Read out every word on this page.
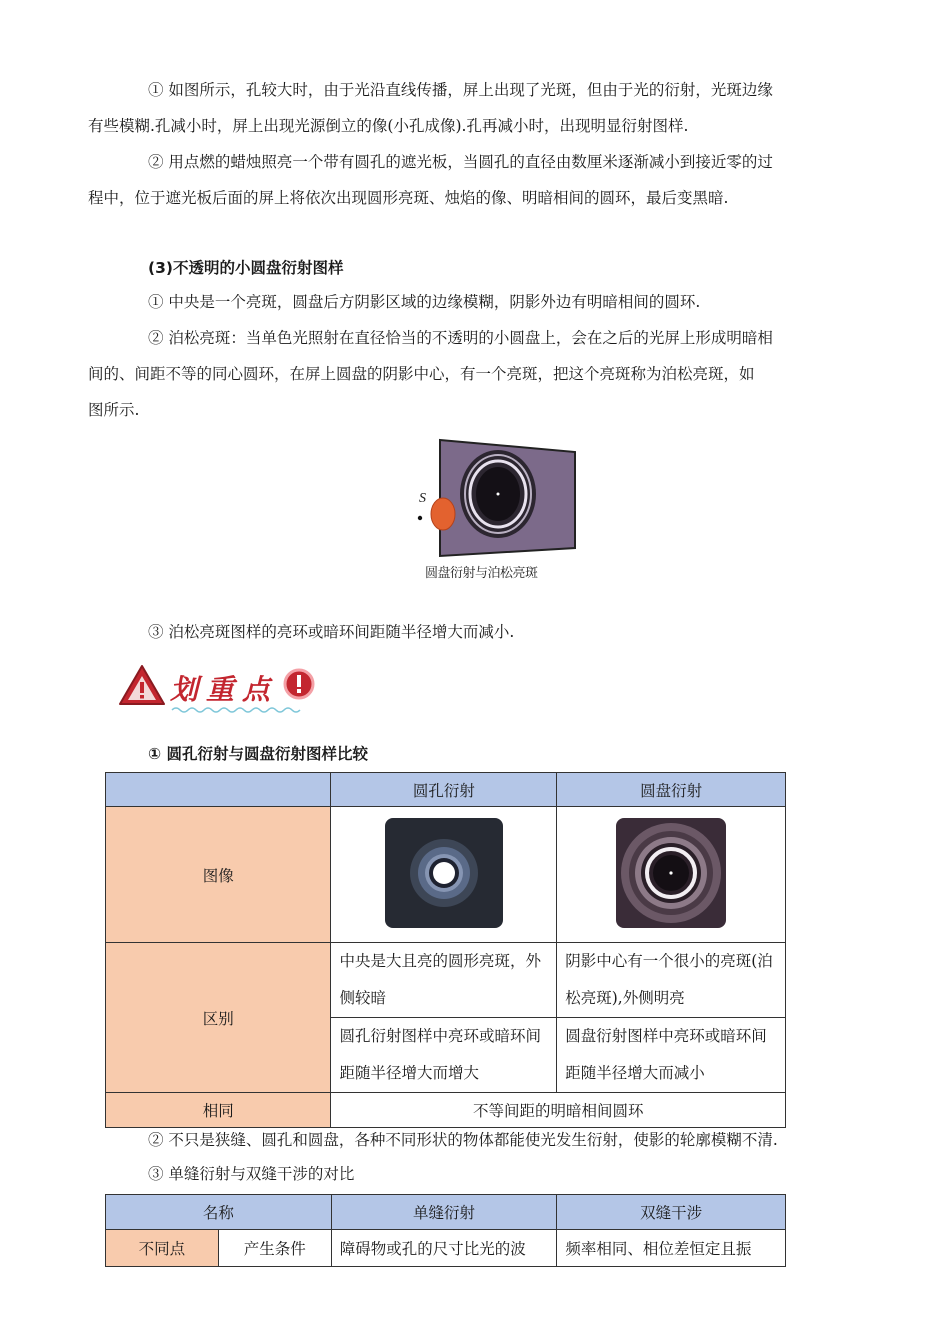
① 如图所示，孔较大时，由于光沿直线传播，屏上出现了光斑，但由于光的衍射，光斑边缘
有些模糊.孔减小时，屏上出现光源倒立的像(小孔成像).孔再减小时，出现明显衍射图样.

② 用点燃的蜡烛照亮一个带有圆孔的遮光板，当圆孔的直径由数厘米逐渐减小到接近零的过
程中，位于遮光板后面的屏上将依次出现圆形亮斑、烛焰的像、明暗相间的圆环，最后变黑暗.

(3)不透明的小圆盘衍射图样

① 中央是一个亮斑，圆盘后方阴影区域的边缘模糊，阴影外边有明暗相间的圆环.

② 泊松亮斑：当单色光照射在直径恰当的不透明的小圆盘上，会在之后的光屏上形成明暗相
间的、间距不等的同心圆环，在屏上圆盘的阴影中心，有一个亮斑，把这个亮斑称为泊松亮斑，如
图所示.

S
圆盘衍射与泊松亮斑

③ 泊松亮斑图样的亮环或暗环间距随半径增大而减小.

划重点

① 圆孔衍射与圆盘衍射图样比较

	圆孔衍射	圆盘衍射
图像		
区别	中央是大且亮的圆形亮斑，外侧较暗	阴影中心有一个很小的亮斑(泊松亮斑),外侧明亮
	圆孔衍射图样中亮环或暗环间距随半径增大而增大	圆盘衍射图样中亮环或暗环间距随半径增大而减小
相同	不等间距的明暗相间圆环	

② 不只是狭缝、圆孔和圆盘，各种不同形状的物体都能使光发生衍射，使影的轮廓模糊不清.

③ 单缝衍射与双缝干涉的对比

名称		单缝衍射	双缝干涉
不同点	产生条件	障碍物或孔的尺寸比光的波	频率相同、相位差恒定且振
